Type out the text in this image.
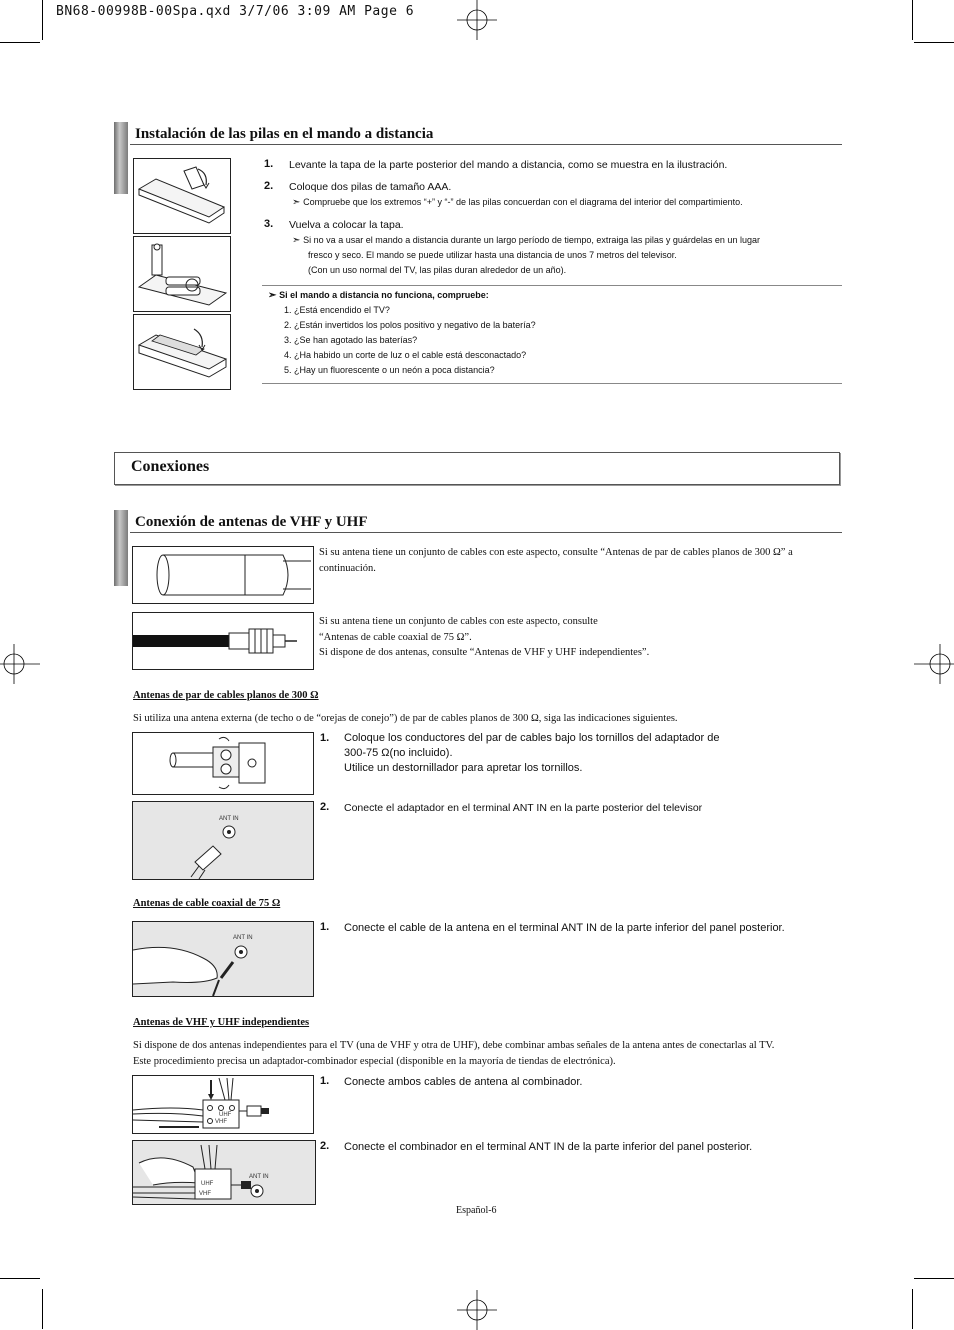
BN68-00998B-00Spa.qxd 3/7/06 3:09 AM Page 6
Instalación de las pilas en el mando a distancia
1. Levante la tapa de la parte posterior del mando a distancia, como se muestra en la ilustración.
2. Coloque dos pilas de tamaño AAA.
➣ Compruebe que los extremos “+” y “-” de las pilas concuerdan con el diagrama del interior del compartimiento.
3. Vuelva a colocar la tapa.
➣ Si no va a usar el mando a distancia durante un largo período de tiempo, extraiga las pilas y guárdelas en un lugar
fresco y seco. El mando se puede utilizar hasta una distancia de unos 7 metros del televisor.
(Con un uso normal del TV, las pilas duran alrededor de un año).
➣ Si el mando a distancia no funciona, compruebe:
1. ¿Está encendido el TV?
2. ¿Están invertidos los polos positivo y negativo de la batería?
3. ¿Se han agotado las baterías?
4. ¿Ha habido un corte de luz o el cable está desconactado?
5. ¿Hay un fluorescente o un neón a poca distancia?
Conexiones
Conexión de antenas de VHF y UHF
Si su antena tiene un conjunto de cables con este aspecto, consulte “Antenas de par de cables planos de 300 Ω” a
continuación.
Si su antena tiene un conjunto de cables con este aspecto, consulte
“Antenas de cable coaxial de 75 Ω”.
Si dispone de dos antenas, consulte “Antenas de VHF y UHF independientes”.
Antenas de par de cables planos de 300 Ω
Si utiliza una antena externa (de techo o de “orejas de conejo”) de par de cables planos de 300 Ω, siga las indicaciones siguientes.
1. Coloque los conductores del par de cables bajo los tornillos del adaptador de
300-75 Ω(no incluido).
Utilice un destornillador para apretar los tornillos.
ANT IN
2. Conecte el adaptador en el terminal ANT IN en la parte posterior del televisor
Antenas de cable coaxial de 75 Ω
ANT IN
1. Conecte el cable de la antena en el terminal ANT IN de la parte inferior del panel posterior.
Antenas de VHF y UHF independientes
Si dispone de dos antenas independientes para el TV (una de VHF y otra de UHF), debe combinar ambas señales de la antena antes de conectarlas al TV.
Este procedimiento precisa un adaptador-combinador especial (disponible en la mayoría de tiendas de electrónica).
UHF
VHF
1. Conecte ambos cables de antena al combinador.
UHF
VHF
ANT IN
2. Conecte el combinador en el terminal ANT IN de la parte inferior del panel posterior.
Español-6
